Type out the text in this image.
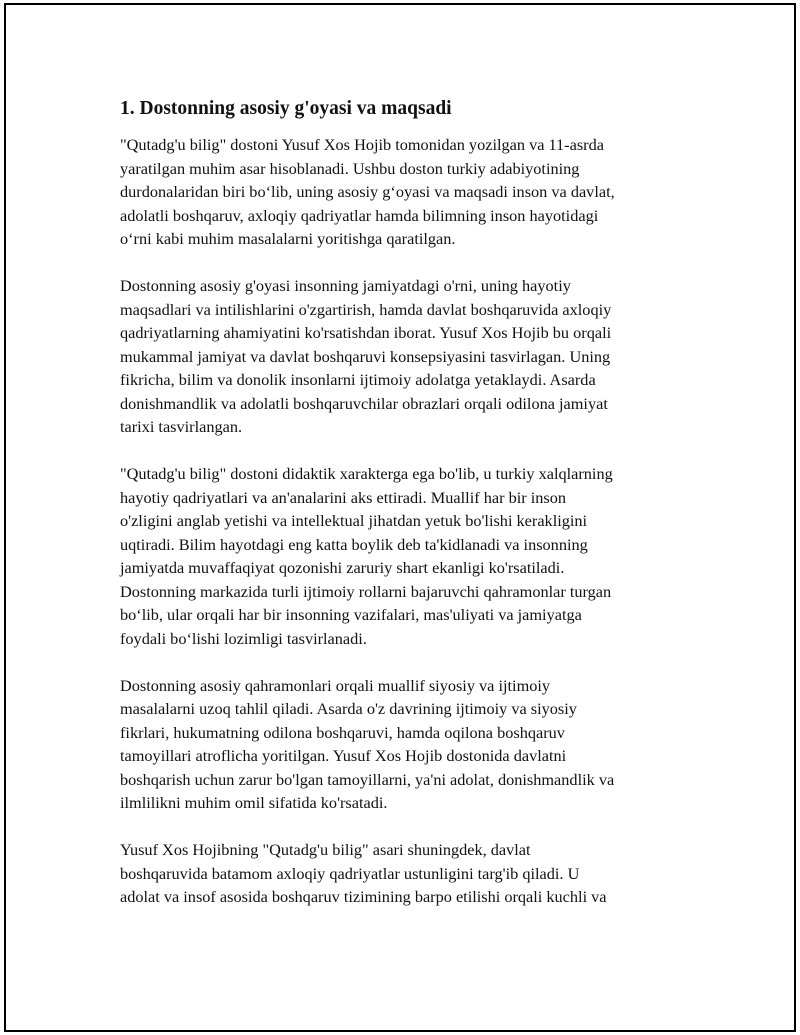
1. Dostonning asosiy g'oyasi va maqsadi

"Qutadg'u bilig" dostoni Yusuf Xos Hojib tomonidan yozilgan va 11-asrda
yaratilgan muhim asar hisoblanadi. Ushbu doston turkiy adabiyotining
durdonalaridan biri boʻlib, uning asosiy gʻoyasi va maqsadi inson va davlat,
adolatli boshqaruv, axloqiy qadriyatlar hamda bilimning inson hayotidagi
oʻrni kabi muhim masalalarni yoritishga qaratilgan.

Dostonning asosiy g'oyasi insonning jamiyatdagi o'rni, uning hayotiy
maqsadlari va intilishlarini o'zgartirish, hamda davlat boshqaruvida axloqiy
qadriyatlarning ahamiyatini ko'rsatishdan iborat. Yusuf Xos Hojib bu orqali
mukammal jamiyat va davlat boshqaruvi konsepsiyasini tasvirlagan. Uning
fikricha, bilim va donolik insonlarni ijtimoiy adolatga yetaklaydi. Asarda
donishmandlik va adolatli boshqaruvchilar obrazlari orqali odilona jamiyat
tarixi tasvirlangan.

"Qutadg'u bilig" dostoni didaktik xarakterga ega bo'lib, u turkiy xalqlarning
hayotiy qadriyatlari va an'analarini aks ettiradi. Muallif har bir inson
o'zligini anglab yetishi va intellektual jihatdan yetuk bo'lishi kerakligini
uqtiradi. Bilim hayotdagi eng katta boylik deb ta'kidlanadi va insonning
jamiyatda muvaffaqiyat qozonishi zaruriy shart ekanligi ko'rsatiladi.
Dostonning markazida turli ijtimoiy rollarni bajaruvchi qahramonlar turgan
boʻlib, ular orqali har bir insonning vazifalari, mas'uliyati va jamiyatga
foydali boʻlishi lozimligi tasvirlanadi.

Dostonning asosiy qahramonlari orqali muallif siyosiy va ijtimoiy
masalalarni uzoq tahlil qiladi. Asarda o'z davrining ijtimoiy va siyosiy
fikrlari, hukumatning odilona boshqaruvi, hamda oqilona boshqaruv
tamoyillari atroflicha yoritilgan. Yusuf Xos Hojib dostonida davlatni
boshqarish uchun zarur bo'lgan tamoyillarni, ya'ni adolat, donishmandlik va
ilmlilikni muhim omil sifatida ko'rsatadi.

Yusuf Xos Hojibning "Qutadg'u bilig" asari shuningdek, davlat
boshqaruvida batamom axloqiy qadriyatlar ustunligini targ'ib qiladi. U
adolat va insof asosida boshqaruv tizimining barpo etilishi orqali kuchli va
